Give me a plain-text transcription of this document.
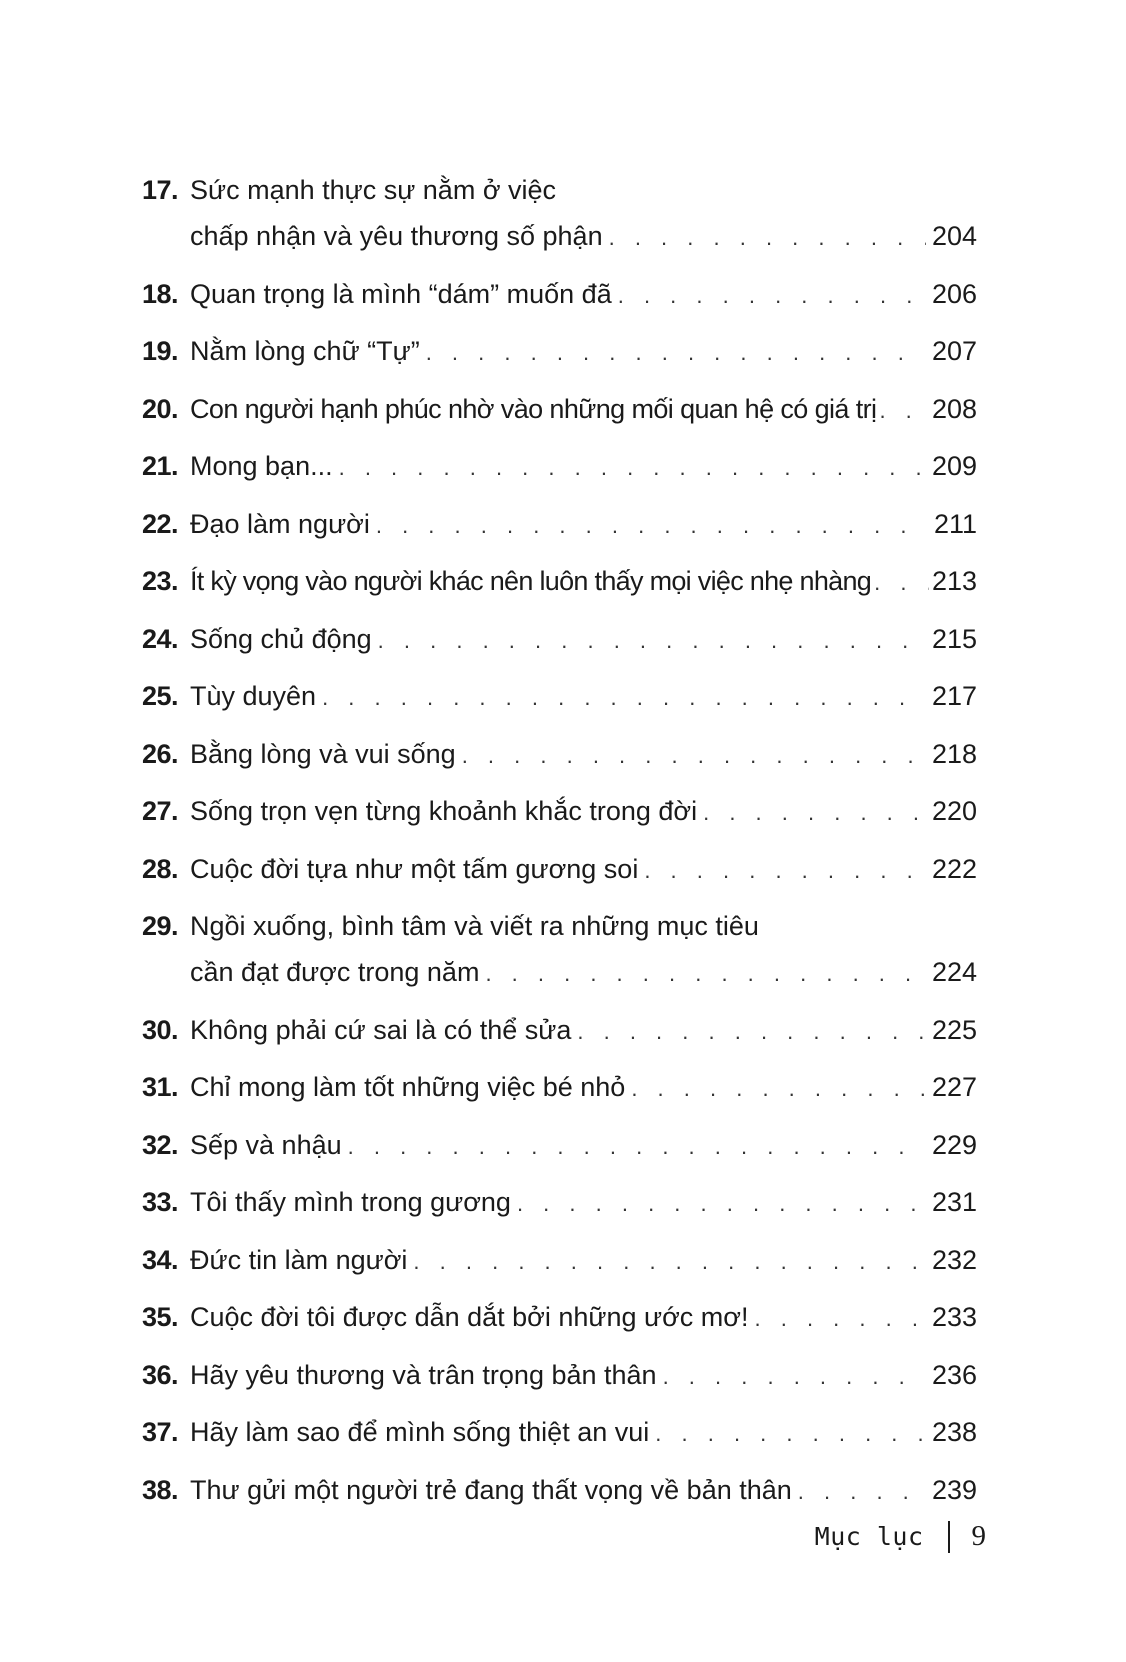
17. Sức mạnh thực sự nằm ở việc
chấp nhận và yêu thương số phận . . .	204
18. Quan trọng là mình “dám” muốn đã . . .	206
19. Nằm lòng chữ “Tự” . . .	207
20. Con người hạnh phúc nhờ vào những mối quan hệ có giá trị . . . 208
21. Mong bạn... . . .	209
22. Đạo làm người . . .	211
23. Ít kỳ vọng vào người khác nên luôn thấy mọi việc nhẹ nhàng . . . 213
24. Sống chủ động . . .	215
25. Tùy duyên . . .	217
26. Bằng lòng và vui sống . . .	218
27. Sống trọn vẹn từng khoảnh khắc trong đời . . .	220
28. Cuộc đời tựa như một tấm gương soi . . .	222
29. Ngồi xuống, bình tâm và viết ra những mục tiêu
cần đạt được trong năm . . .	224
30. Không phải cứ sai là có thể sửa . . .	225
31. Chỉ mong làm tốt những việc bé nhỏ . . .	227
32. Sếp và nhậu . . .	229
33. Tôi thấy mình trong gương . . .	231
34. Đức tin làm người . . .	232
35. Cuộc đời tôi được dẫn dắt bởi những ước mơ! . . .	233
36. Hãy yêu thương và trân trọng bản thân . . .	236
37. Hãy làm sao để mình sống thiệt an vui . . .	238
38. Thư gửi một người trẻ đang thất vọng về bản thân . . .	239
Mục lục 9
